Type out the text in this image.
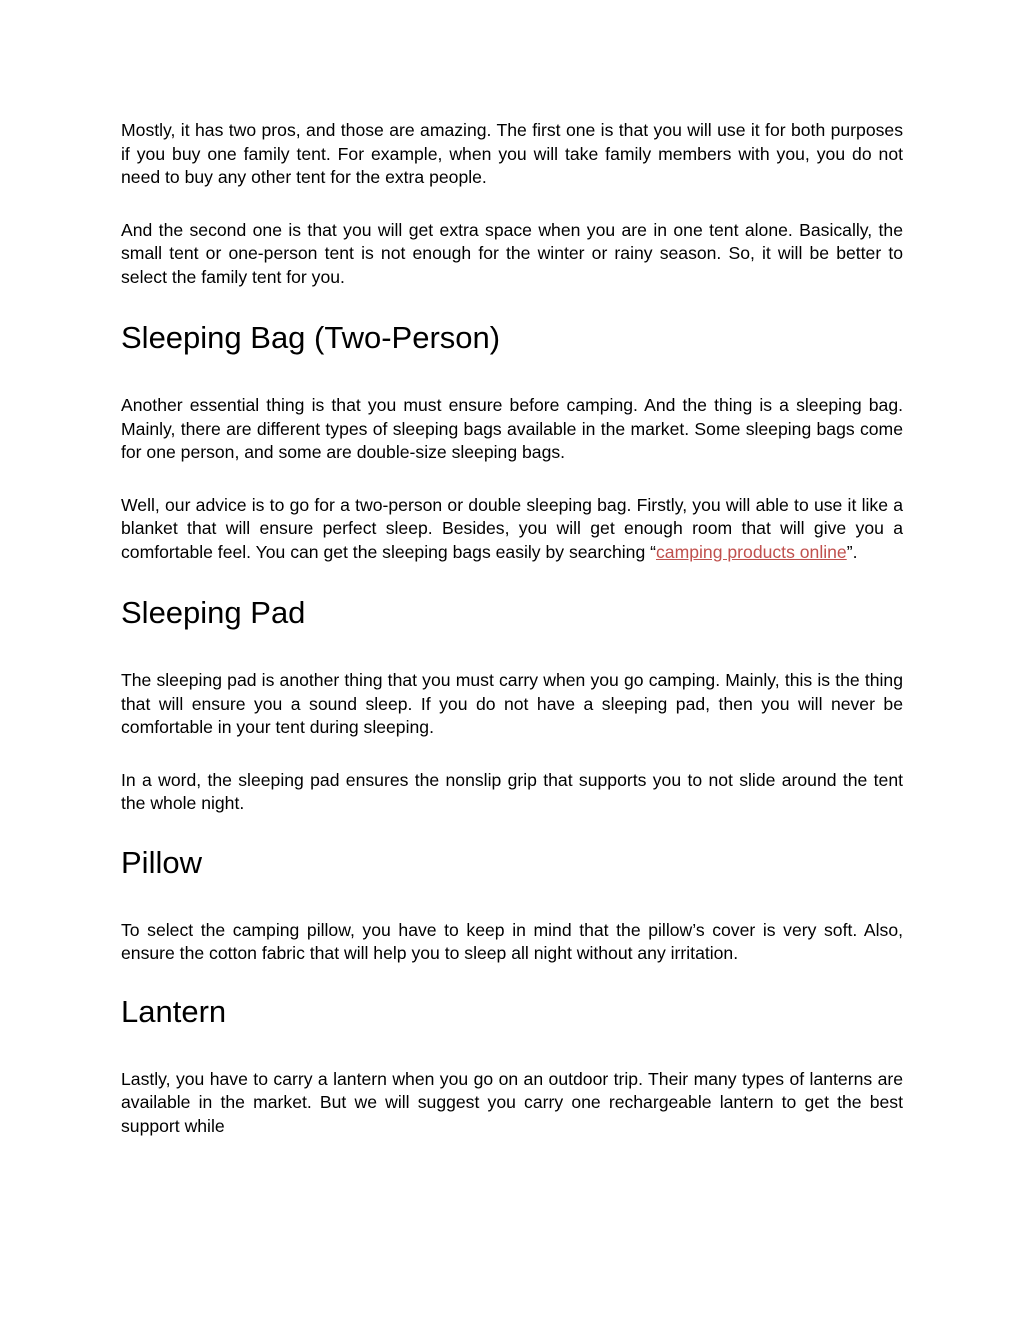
Mostly, it has two pros, and those are amazing. The first one is that you will use it for both purposes if you buy one family tent. For example, when you will take family members with you, you do not need to buy any other tent for the extra people.

And the second one is that you will get extra space when you are in one tent alone. Basically, the small tent or one-person tent is not enough for the winter or rainy season. So, it will be better to select the family tent for you.

Sleeping Bag (Two-Person)

Another essential thing is that you must ensure before camping. And the thing is a sleeping bag. Mainly, there are different types of sleeping bags available in the market. Some sleeping bags come for one person, and some are double-size sleeping bags.

Well, our advice is to go for a two-person or double sleeping bag. Firstly, you will able to use it like a blanket that will ensure perfect sleep. Besides, you will get enough room that will give you a comfortable feel. You can get the sleeping bags easily by searching “camping products online”.

Sleeping Pad

The sleeping pad is another thing that you must carry when you go camping. Mainly, this is the thing that will ensure you a sound sleep. If you do not have a sleeping pad, then you will never be comfortable in your tent during sleeping.

In a word, the sleeping pad ensures the nonslip grip that supports you to not slide around the tent the whole night.

Pillow

To select the camping pillow, you have to keep in mind that the pillow’s cover is very soft. Also, ensure the cotton fabric that will help you to sleep all night without any irritation.

Lantern

Lastly, you have to carry a lantern when you go on an outdoor trip. Their many types of lanterns are available in the market. But we will suggest you carry one rechargeable lantern to get the best support while
